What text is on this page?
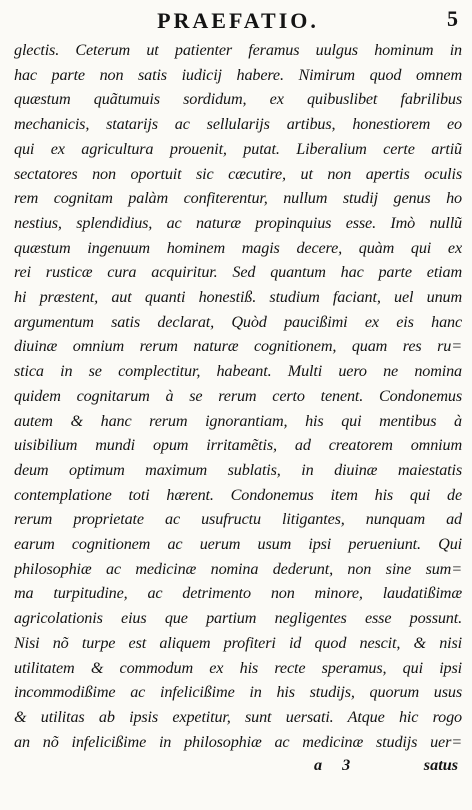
PRAEFATIO.	5
glectis. Ceterum ut patienter feramus uulgus hominum in
hac parte non satis iudicij habere. Nimirum quod omnem
quæstum quãtumuis sordidum, ex quibuslibet fabrilibus
mechanicis, statarijs ac sellularijs artibus, honestiorem eo
qui ex agricultura prouenit, putat. Liberalium certe artiũ
sectatores non oportuit sic cæcutire, ut non apertis oculis
rem cognitam palàm confiterentur, nullum studij genus ho
nestius, splendidius, ac naturæ propinquius esse. Imò nullũ
quæstum ingenuum hominem magis decere, quàm qui ex
rei rusticæ cura acquiritur. Sed quantum hac parte etiam
hi præstent, aut quanti honestiß. studium faciant, uel unum
argumentum satis declarat, Quòd paucißimi ex eis hanc
diuinæ omnium rerum naturæ cognitionem, quam res ru=
stica in se complectitur, habeant. Multi uero ne nomina
quidem cognitarum à se rerum certo tenent. Condonemus
autem & hanc rerum ignorantiam, his qui mentibus à
uisibilium mundi opum irritamẽtis, ad creatorem omnium
deum optimum maximum sublatis, in diuinæ maiestatis
contemplatione toti hærent. Condonemus item his qui de
rerum proprietate ac usufructu litigantes, nunquam ad
earum cognitionem ac uerum usum ipsi perueniunt. Qui
philosophiæ ac medicinæ nomina dederunt, non sine sum=
ma turpitudine, ac detrimento non minore, laudatißimæ
agricolationis eius que partium negligentes esse possunt.
Nisi nõ turpe est aliquem profiteri id quod nescit, & nisi
utilitatem & commodum ex his recte speramus, qui ipsi
incommodißime ac infelicißime in his studijs, quorum usus
& utilitas ab ipsis expetitur, sunt uersati. Atque hic rogo
an nõ infelicißime in philosophiæ ac medicinæ studijs uer=
a 3	satus
